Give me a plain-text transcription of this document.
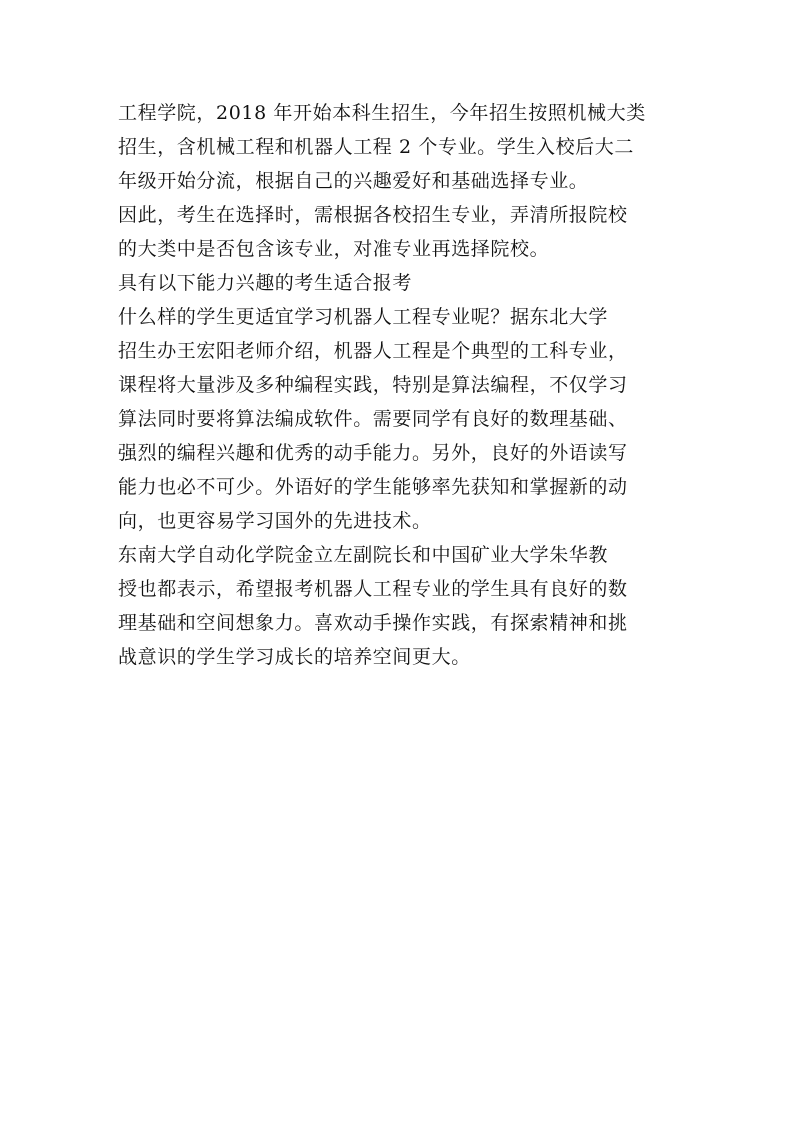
工程学院，2018 年开始本科生招生，今年招生按照机械大类
招生，含机械工程和机器人工程 2 个专业。学生入校后大二
年级开始分流，根据自己的兴趣爱好和基础选择专业。

因此，考生在选择时，需根据各校招生专业，弄清所报院校
的大类中是否包含该专业，对准专业再选择院校。

具有以下能力兴趣的考生适合报考

什么样的学生更适宜学习机器人工程专业呢？据东北大学
招生办王宏阳老师介绍，机器人工程是个典型的工科专业，
课程将大量涉及多种编程实践，特别是算法编程，不仅学习
算法同时要将算法编成软件。需要同学有良好的数理基础、
强烈的编程兴趣和优秀的动手能力。另外，良好的外语读写
能力也必不可少。外语好的学生能够率先获知和掌握新的动
向，也更容易学习国外的先进技术。

东南大学自动化学院金立左副院长和中国矿业大学朱华教
授也都表示，希望报考机器人工程专业的学生具有良好的数
理基础和空间想象力。喜欢动手操作实践，有探索精神和挑
战意识的学生学习成长的培养空间更大。
